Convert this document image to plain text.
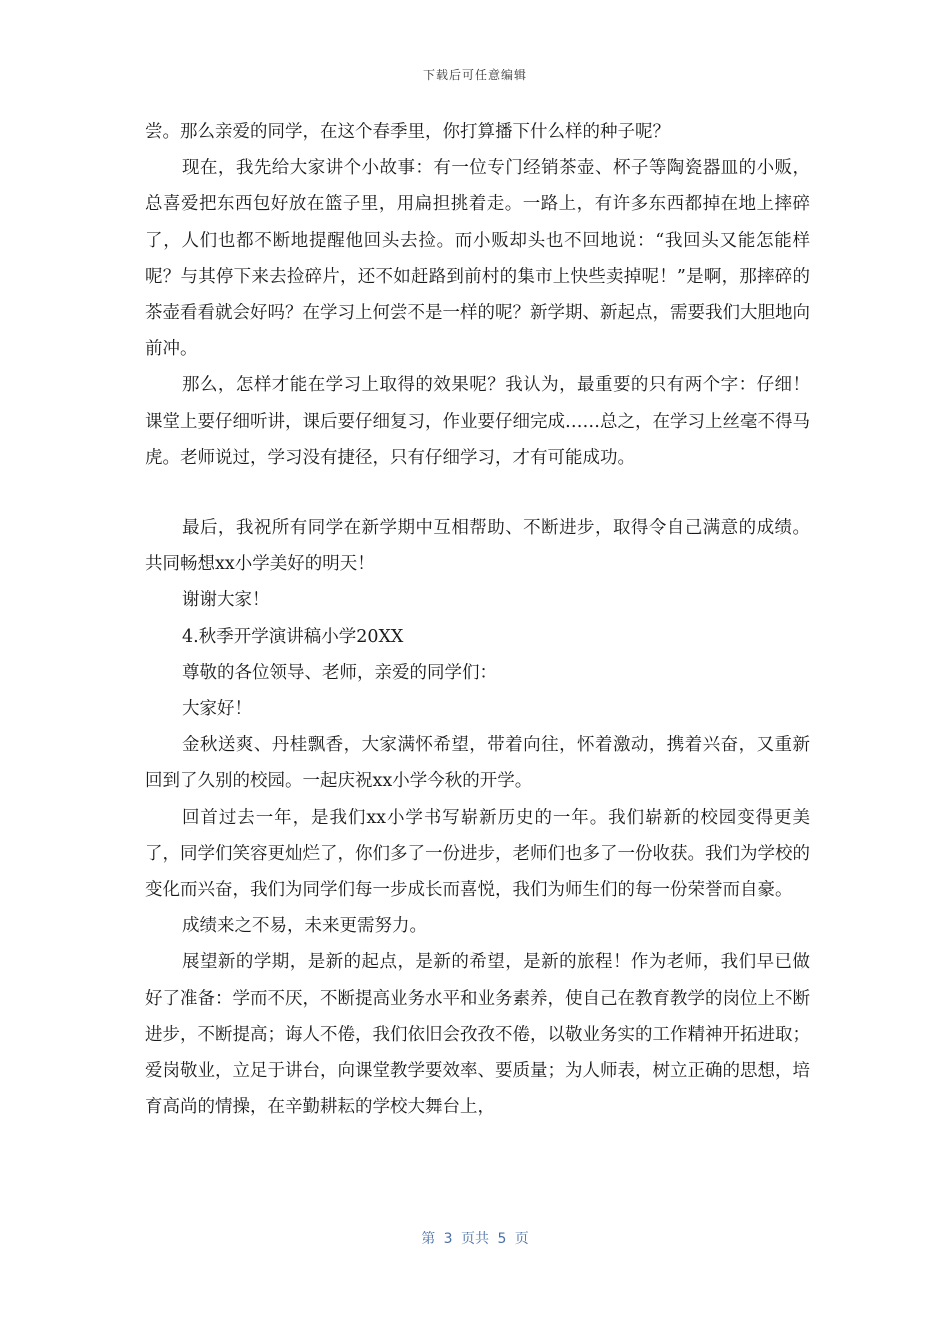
下载后可任意编辑

尝。那么亲爱的同学，在这个春季里，你打算播下什么样的种子呢？

现在，我先给大家讲个小故事：有一位专门经销茶壶、杯子等陶瓷器皿的小贩，总喜爱把东西包好放在篮子里，用扁担挑着走。一路上，有许多东西都掉在地上摔碎了，人们也都不断地提醒他回头去捡。而小贩却头也不回地说：“我回头又能怎能样呢？与其停下来去捡碎片，还不如赶路到前村的集市上快些卖掉呢！”是啊，那摔碎的茶壶看看就会好吗？在学习上何尝不是一样的呢？新学期、新起点，需要我们大胆地向前冲。

那么，怎样才能在学习上取得的效果呢？我认为，最重要的只有两个字：仔细！课堂上要仔细听讲，课后要仔细复习，作业要仔细完成……总之，在学习上丝毫不得马虎。老师说过，学习没有捷径，只有仔细学习，才有可能成功。

最后，我祝所有同学在新学期中互相帮助、不断进步，取得令自己满意的成绩。共同畅想xx小学美好的明天！

谢谢大家！

4.秋季开学演讲稿小学20XX

尊敬的各位领导、老师，亲爱的同学们：

大家好！

金秋送爽、丹桂飘香，大家满怀希望，带着向往，怀着激动，携着兴奋，又重新回到了久别的校园。一起庆祝xx小学今秋的开学。

回首过去一年，是我们xx小学书写崭新历史的一年。我们崭新的校园变得更美了，同学们笑容更灿烂了，你们多了一份进步，老师们也多了一份收获。我们为学校的变化而兴奋，我们为同学们每一步成长而喜悦，我们为师生们的每一份荣誉而自豪。

成绩来之不易，未来更需努力。

展望新的学期，是新的起点，是新的希望，是新的旅程！作为老师，我们早已做好了准备：学而不厌，不断提高业务水平和业务素养，使自己在教育教学的岗位上不断进步，不断提高；诲人不倦，我们依旧会孜孜不倦，以敬业务实的工作精神开拓进取；爱岗敬业，立足于讲台，向课堂教学要效率、要质量；为人师表，树立正确的思想，培育高尚的情操，在辛勤耕耘的学校大舞台上，

第 3 页共 5 页
